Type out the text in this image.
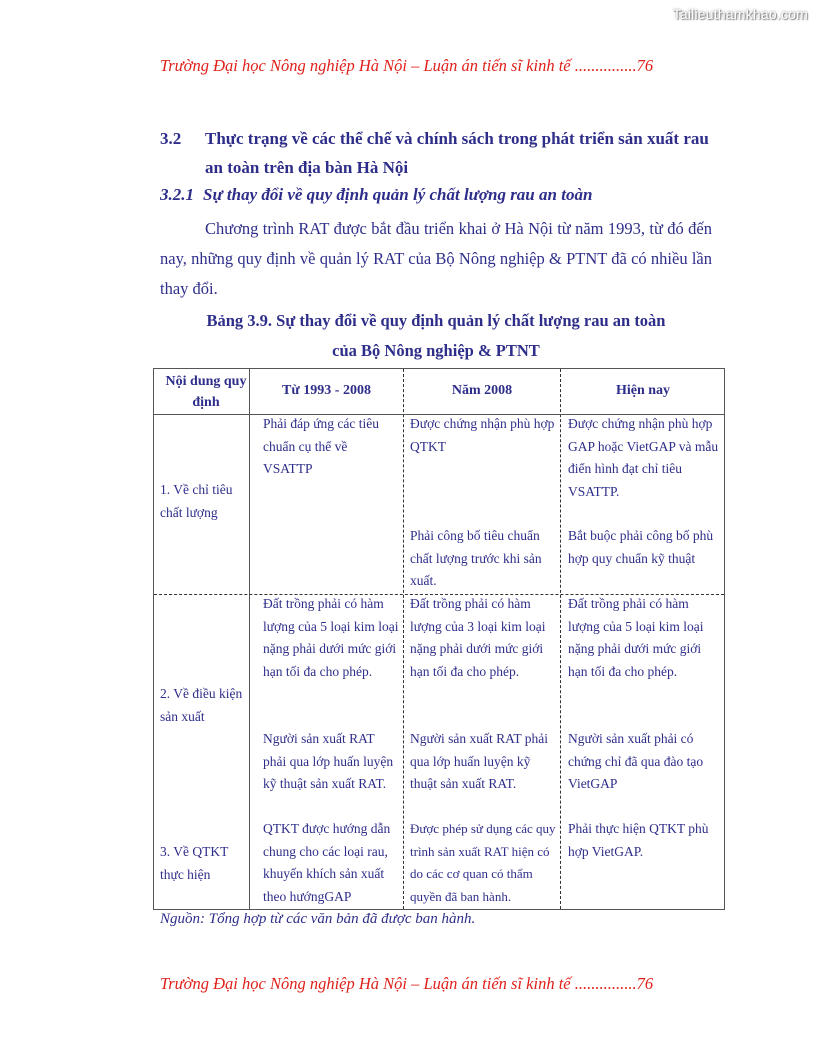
Tailieuthamkhao.com
Trường Đại học Nông nghiệp Hà Nội – Luận án tiến sĩ kinh tế ...............76
3.2 Thực trạng về các thể chế và chính sách trong phát triển sản xuất rau an toàn trên địa bàn Hà Nội
3.2.1 Sự thay đổi về quy định quản lý chất lượng rau an toàn
Chương trình RAT được bắt đầu triển khai ở Hà Nội từ năm 1993, từ đó đến nay, những quy định về quản lý RAT của Bộ Nông nghiệp & PTNT đã có nhiều lần thay đổi.
Bảng 3.9. Sự thay đổi về quy định quản lý chất lượng rau an toàn
của Bộ Nông nghiệp & PTNT
Nội dung quy định
Từ 1993 - 2008	Năm 2008	Hiện nay
1. Về chỉ tiêu chất lượng
Phải đáp ứng các tiêu chuẩn cụ thể về VSATTP
Được chứng nhận phù hợp QTKT
Phải công bố tiêu chuẩn chất lượng trước khi sản xuất.
Được chứng nhận phù hợp GAP hoặc VietGAP và mẫu điển hình đạt chỉ tiêu VSATTP.
Bắt buộc phải công bố phù hợp quy chuẩn kỹ thuật
2. Về điều kiện sản xuất
Đất trồng phải có hàm lượng của 5 loại kim loại nặng phải dưới mức giới hạn tối đa cho phép.
Người sản xuất RAT phải qua lớp huấn luyện kỹ thuật sản xuất RAT.
Đất trồng phải có hàm lượng của 3 loại kim loại nặng phải dưới mức giới hạn tối đa cho phép.
Người sản xuất RAT phải qua lớp huấn luyện kỹ thuật sản xuất RAT.
Đất trồng phải có hàm lượng của 5 loại kim loại nặng phải dưới mức giới hạn tối đa cho phép.
Người sản xuất phải có chứng chỉ đã qua đào tạo VietGAP
3. Về QTKT thực hiện
QTKT được hướng dẫn chung cho các loại rau, khuyến khích sản xuất theo hướngGAP
Được phép sử dụng các quy trình sản xuất RAT hiện có do các cơ quan có thẩm quyền đã ban hành.
Phải thực hiện QTKT phù hợp VietGAP.
Nguồn: Tổng hợp từ các văn bản đã được ban hành.
Trường Đại học Nông nghiệp Hà Nội – Luận án tiến sĩ kinh tế ...............76
